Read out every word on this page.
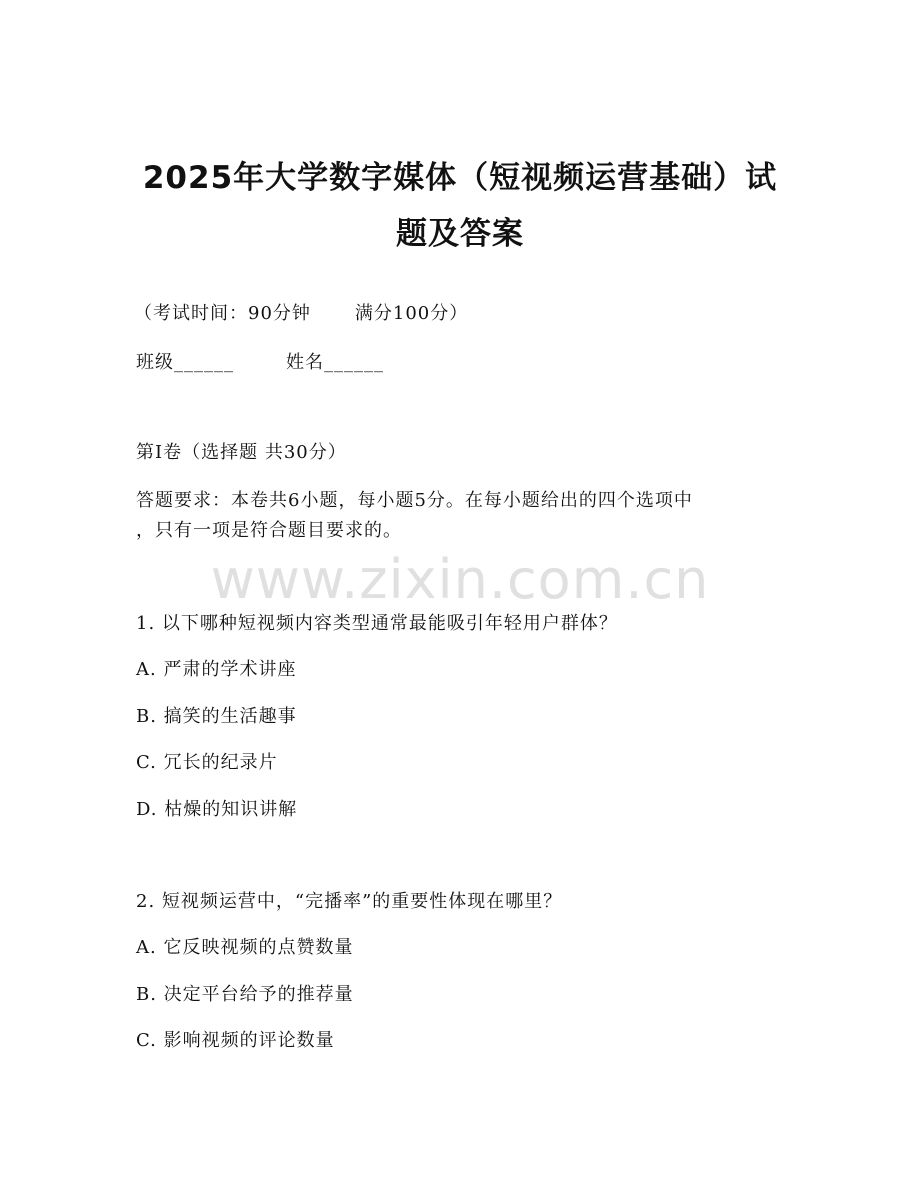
2025年大学数字媒体（短视频运营基础）试
题及答案
（考试时间：90分钟 满分100分）
班级______	姓名______
第I卷（选择题 共30分）
答题要求：本卷共6小题，每小题5分。在每小题给出的四个选项中
，只有一项是符合题目要求的。
www.zixin.com.cn
1. 以下哪种短视频内容类型通常最能吸引年轻用户群体？
A. 严肃的学术讲座
B. 搞笑的生活趣事
C. 冗长的纪录片
D. 枯燥的知识讲解
2. 短视频运营中，“完播率”的重要性体现在哪里？
A. 它反映视频的点赞数量
B. 决定平台给予的推荐量
C. 影响视频的评论数量
